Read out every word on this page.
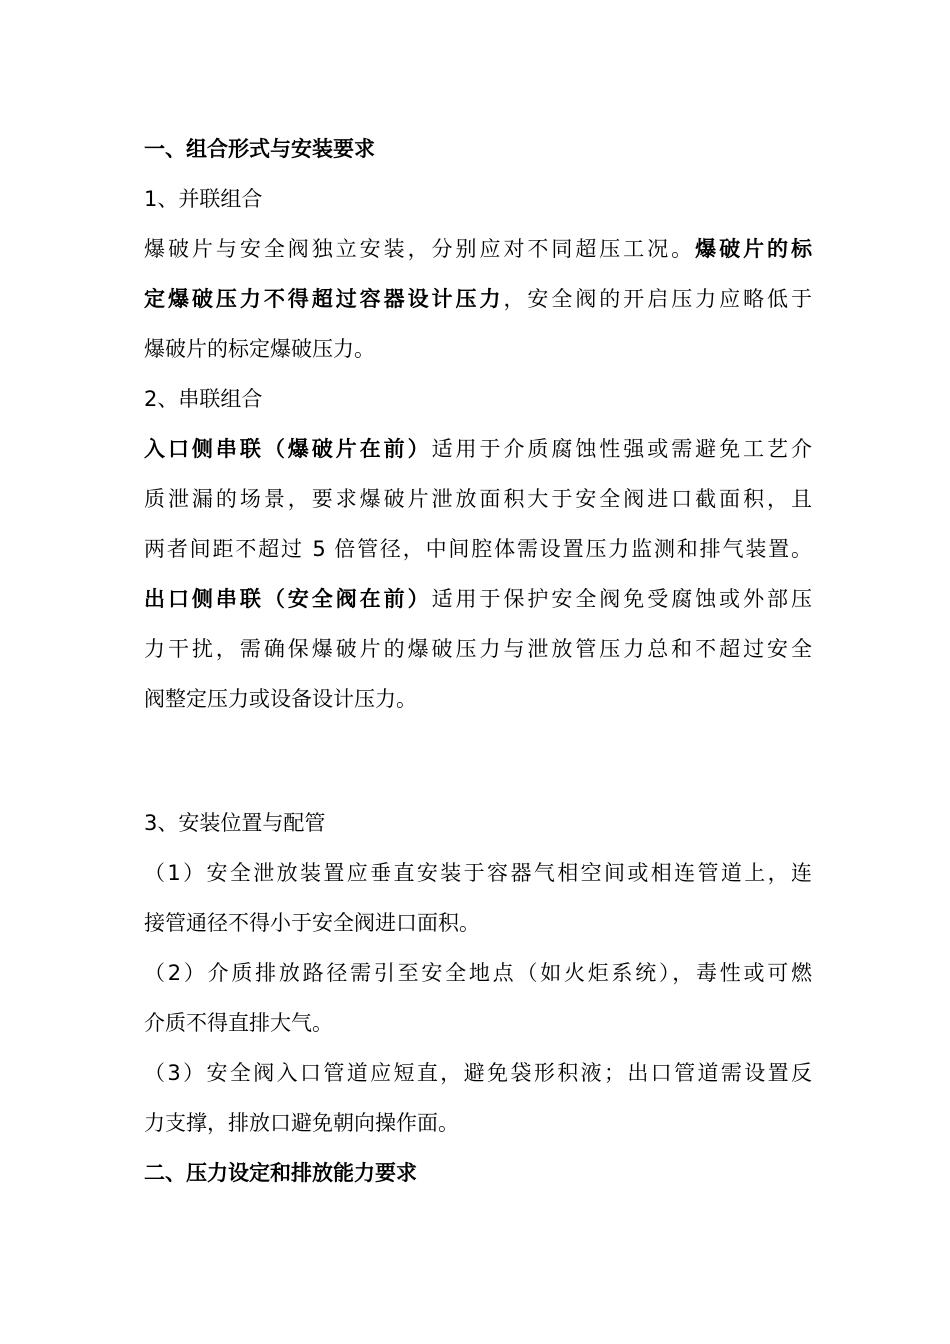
一、组合形式与安装要求
1、并联组合
爆破片与安全阀独立安装，分别应对不同超压工况。爆破片的标
定爆破压力不得超过容器设计压力，安全阀的开启压力应略低于
爆破片的标定爆破压力。
2、串联组合
入口侧串联（爆破片在前）适用于介质腐蚀性强或需避免工艺介
质泄漏的场景，要求爆破片泄放面积大于安全阀进口截面积，且
两者间距不超过 5 倍管径，中间腔体需设置压力监测和排气装置。
出口侧串联（安全阀在前）适用于保护安全阀免受腐蚀或外部压
力干扰，需确保爆破片的爆破压力与泄放管压力总和不超过安全
阀整定压力或设备设计压力。
3、安装位置与配管
（1）安全泄放装置应垂直安装于容器气相空间或相连管道上，连
接管通径不得小于安全阀进口面积。
（2）介质排放路径需引至安全地点（如火炬系统），毒性或可燃
介质不得直排大气。
（3）安全阀入口管道应短直，避免袋形积液；出口管道需设置反
力支撑，排放口避免朝向操作面。
二、压力设定和排放能力要求
